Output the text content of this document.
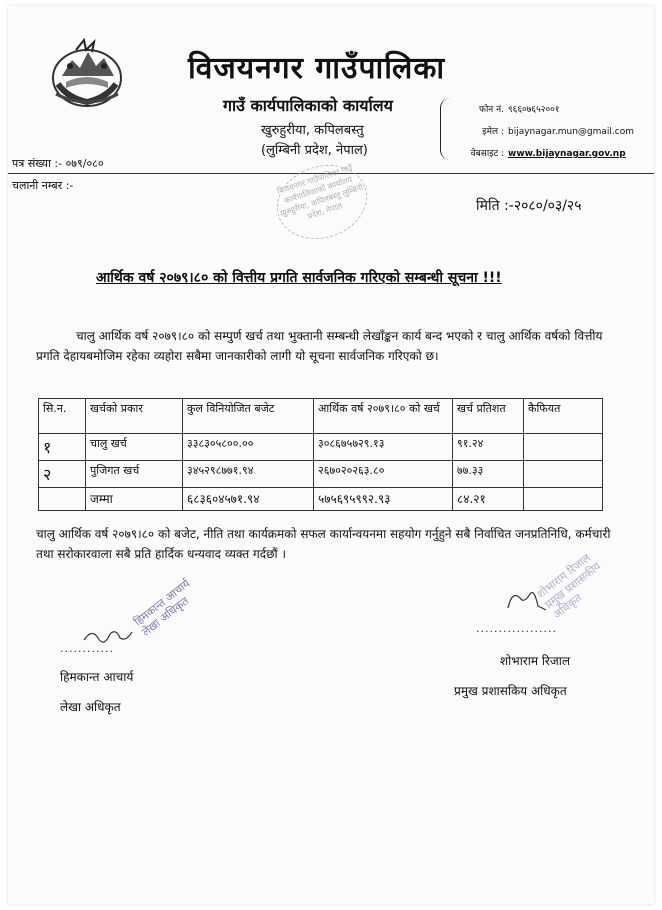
विजयनगर गाउँपालिका
गाउँ कार्यपालिकाको कार्यालय
खुरुहुरीया, कपिलबस्तु
(लुम्बिनी प्रदेश, नेपाल)
फोन नं. ९६६०७६५२००१
इमेल : bijaynagar.mun@gmail.com
वेबसाइट : www.bijaynagar.gov.np
पत्र संख्या :- ०७९/०८०
चलानी नम्बर :-	विजयनगर गाउँपालिका गाउँ कार्यपालिकाको कार्यालय खुरुहुरीया, कपिलबस्तु लुम्बिनी प्रदेश, नेपाल	मिति :-२०८०/०३/२५
आर्थिक वर्ष २०७९।८० को वित्तीय प्रगति सार्वजनिक गरिएको सम्बन्धी सूचना !!!
चालु आर्थिक वर्ष २०७९।८० को सम्पुर्ण खर्च तथा भुक्तानी सम्बन्धी लेखाँङ्कन कार्य बन्द भएको र चालु आर्थिक वर्षको वित्तीय प्रगति देहायबमोजिम रहेका व्यहोरा सबैमा जानकारीको लागी यो सूचना सार्वजनिक गरिएको छ।
सि.न.	खर्चको प्रकार	कुल विनियोजित बजेट	आर्थिक वर्ष २०७९।८० को खर्च	खर्च प्रतिशत	कैफियत
१	चालु खर्च	३३८३०५८००.००	३०८६७५७२९.१३	९१.२४	
२	पुजिगत खर्च	३४५२९८७७१.९४	२६७०२०२६३.८०	७७.३३	
	जम्मा	६८३६०४५७१.९४	५७५६९५९९२.९३	८४.२१	
चालु आर्थिक वर्ष २०७९।८० को बजेट, नीति तथा कार्यक्रमको सफल कार्यान्वयनमा सहयोग गर्नुहुने सबै निर्वाचित जनप्रतिनिधि, कर्मचारी तथा सरोकारवाला सबै प्रति हार्दिक धन्यवाद व्यक्त गर्दछौं ।
............
हिमकान्त आचार्य लेखा अधिकृत
हिमकान्त आचार्य
लेखा अधिकृत
शोभाराम रिजाल प्रमुख प्रशासकीय अधिकृत
..................
शोभाराम रिजाल
प्रमुख प्रशासकिय अधिकृत
